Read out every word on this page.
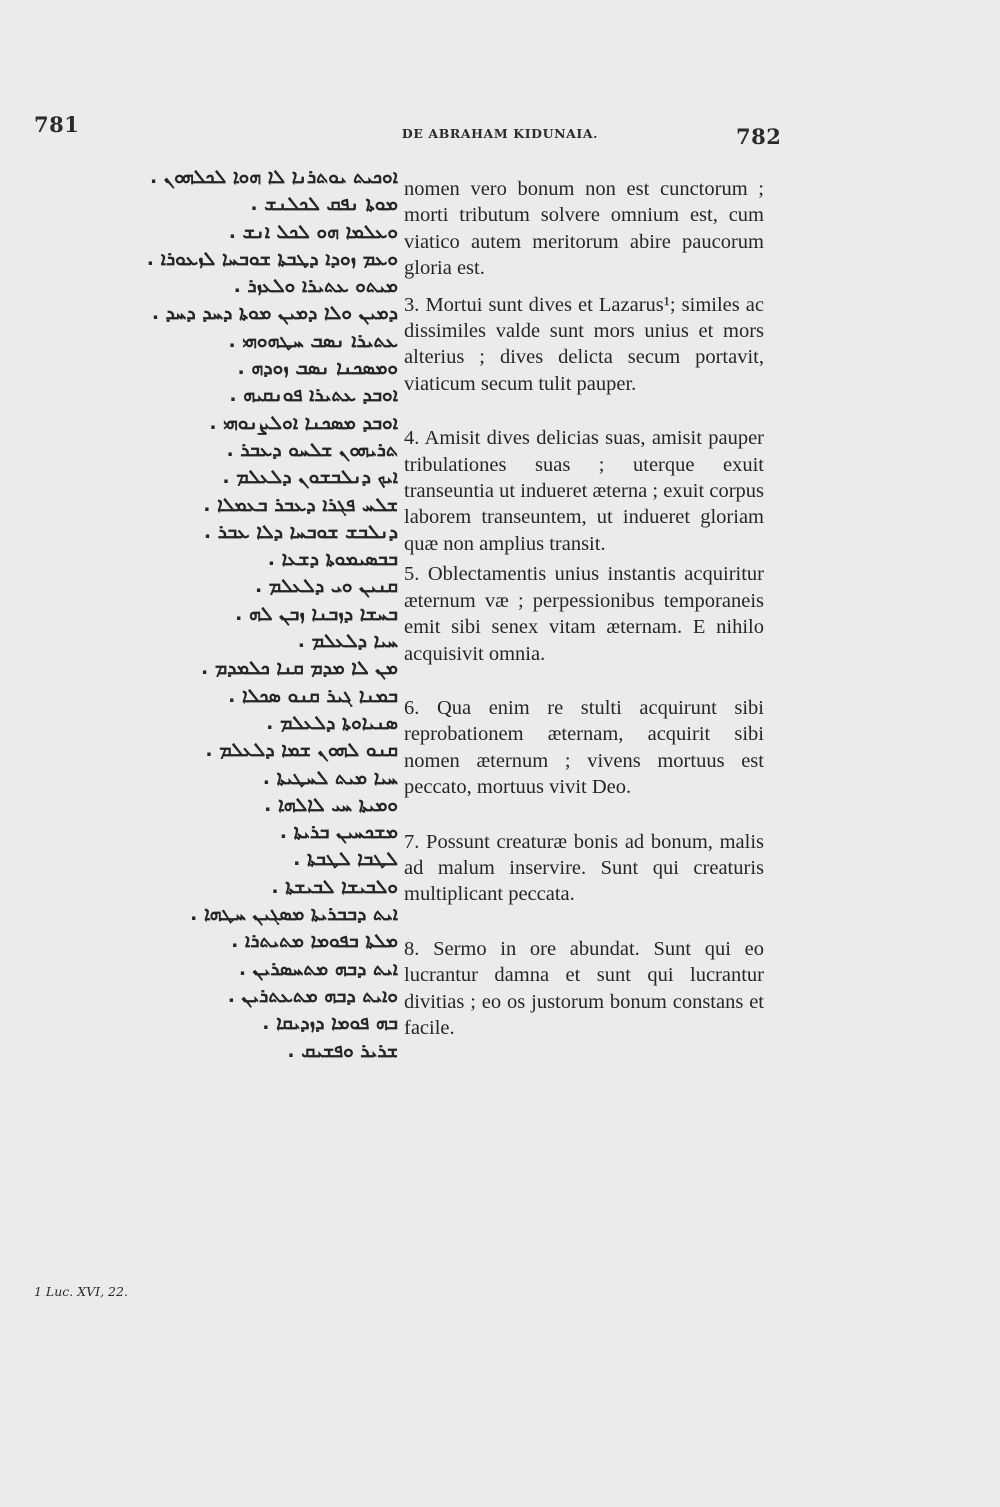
781	DE ABRAHAM KIDUNAIA.	782
ܐܘܟܝܬ ܝܘܬܪܢܐ ܠܐ ܗܘܐ ܠܟܠܗܘܢ .
ܡܘܬܐ ܢܦܩ ܠܟܠܢܫ .
ܘܥܠܡܐ ܗܘ ܠܟܠ ܐܢܫ .
ܘܥܡ ܙܘܕܐ ܕܛܒܬܐ ܫܘܒܚܐ ܠܙܥܘܪܐ .
ܡܝܬܘ ܥܬܝܪܐ ܘܠܥܙܪ .
ܕܡܝܢ ܘܠܐ ܕܡܝܢ ܡܘܬܐ ܕܚܕ ܕܚܕ .
ܥܬܝܪܐ ܢܣܒ ܚܛܗܘܗܝ .
ܘܡܣܟܢܐ ܢܣܒ ܙܘܕܗ .
ܐܘܒܕ ܥܬܝܪܐ ܦܘܢܩܝܗ .
ܐܘܒܕ ܡܣܟܢܐ ܐܘܠܨܢܘܗܝ .
ܬܪܝܗܘܢ ܫܠܚܘ ܕܥܒܪ .
ܐܝܟ ܕܢܠܒܫܘܢ ܕܠܥܠܡ .
ܫܠܚ ܦܓܪܐ ܕܥܒܪ ܒܥܡܠܐ .
ܕܢܠܒܫ ܫܘܒܚܐ ܕܠܐ ܥܒܪ .
ܒܒܣܝܡܘܬܐ ܕܫܥܐ .
ܩܢܝܢ ܘܝ ܕܠܥܠܡ .
ܒܚܫܐ ܕܙܒܢܐ ܙܒܢ ܠܗ .
ܚܝܐ ܕܠܥܠܡ .
ܡܢ ܠܐ ܡܕܡ ܩܢܐ ܟܠܡܕܡ .
ܒܡܢܐ ܓܝܪ ܩܢܘ ܣܟܠܐ .
ܣܢܝܐܘܬܐ ܕܠܥܠܡ .
ܩܢܘ ܠܗܘܢ ܫܡܐ ܕܠܥܠܡ .
ܚܝܐ ܡܝܬ ܠܚܛܝܬܐ .
ܘܡܝܬܐ ܚܝ ܠܐܠܗܐ .
ܡܫܟܚܝܢ ܒܪܝܬܐ .
ܠܛܒܐ ܠܛܒܬܐ .
ܘܠܒܝܫܐ ܠܒܝܫܬܐ .
ܐܝܬ ܕܒܒܪܝܬܐ ܡܣܓܝܢ ܚܛܗܐ .
ܡܠܬܐ ܒܦܘܡܐ ܡܬܝܬܪܐ .
ܐܝܬ ܕܒܗ ܡܬܚܣܪܝܢ .
ܘܐܝܬ ܕܒܗ ܡܬܥܬܪܝܢ .
ܒܗ ܦܘܡܐ ܕܙܕܝܩܐ .
ܫܪܝܪ ܘܦܫܝܩ .

nomen vero bonum non est cunctorum ; morti tributum solvere omnium est, cum viatico autem meritorum abire paucorum gloria est.

3. Mortui sunt dives et Lazarus¹; similes ac dissimiles valde sunt mors unius et mors alterius ; dives delicta secum portavit, viaticum secum tulit pauper.

4. Amisit dives delicias suas, amisit pauper tribulationes suas ; uterque exuit transeuntia ut indueret æterna ; exuit corpus laborem transeuntem, ut indueret gloriam quæ non amplius transit.

5. Oblectamentis unius instantis acquiritur æternum væ ; perpessionibus temporaneis emit sibi senex vitam æternam. E nihilo acquisivit omnia.

6. Qua enim re stulti acquirunt sibi reprobationem æternam, acquirit sibi nomen æternum ; vivens mortuus est peccato, mortuus vivit Deo.

7. Possunt creaturæ bonis ad bonum, malis ad malum inservire. Sunt qui creaturis multiplicant peccata.

8. Sermo in ore abundat. Sunt qui eo lucrantur damna et sunt qui lucrantur divitias ; eo os justorum bonum constans et facile.

1 Luc. XVI, 22.
